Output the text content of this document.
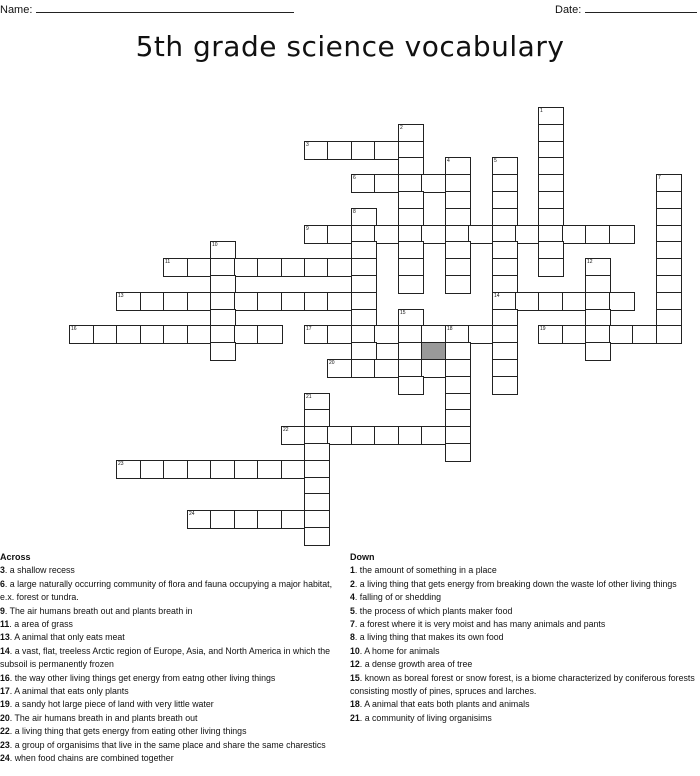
Name:	Date:
5th grade science vocabulary
1
2
3
4	5
6	7
8
9
10
11	12
13	14
15
16	17	18	19
20
21
22
23
24
Across
3. a shallow recess
6. a large naturally occurring community of flora and fauna occupying a major habitat, e.x. forest or tundra.
9. The air humans breath out and plants breath in
11. a area of grass
13. A animal that only eats meat
14. a vast, flat, treeless Arctic region of Europe, Asia, and North America in which the subsoil is permanently frozen
16. the way other living things get energy from eatng other living things
17. A animal that eats only plants
19. a sandy hot large piece of land with very little water
20. The air humans breath in and plants breath out
22. a living thing that gets energy from eating other living things
23. a group of organisims that live in the same place and share the same charestics
24. when food chains are combined together
Down
1. the amount of something in a place
2. a living thing that gets energy from breaking down the waste lof other living things
4. falling of or shedding
5. the process of which plants maker food
7. a forest where it is very moist and has many animals and pants
8. a living thing that makes its own food
10. A home for animals
12. a dense growth area of tree
15. known as boreal forest or snow forest, is a biome characterized by coniferous forests consisting mostly of pines, spruces and larches.
18. A animal that eats both plants and animals
21. a community of living organisims
